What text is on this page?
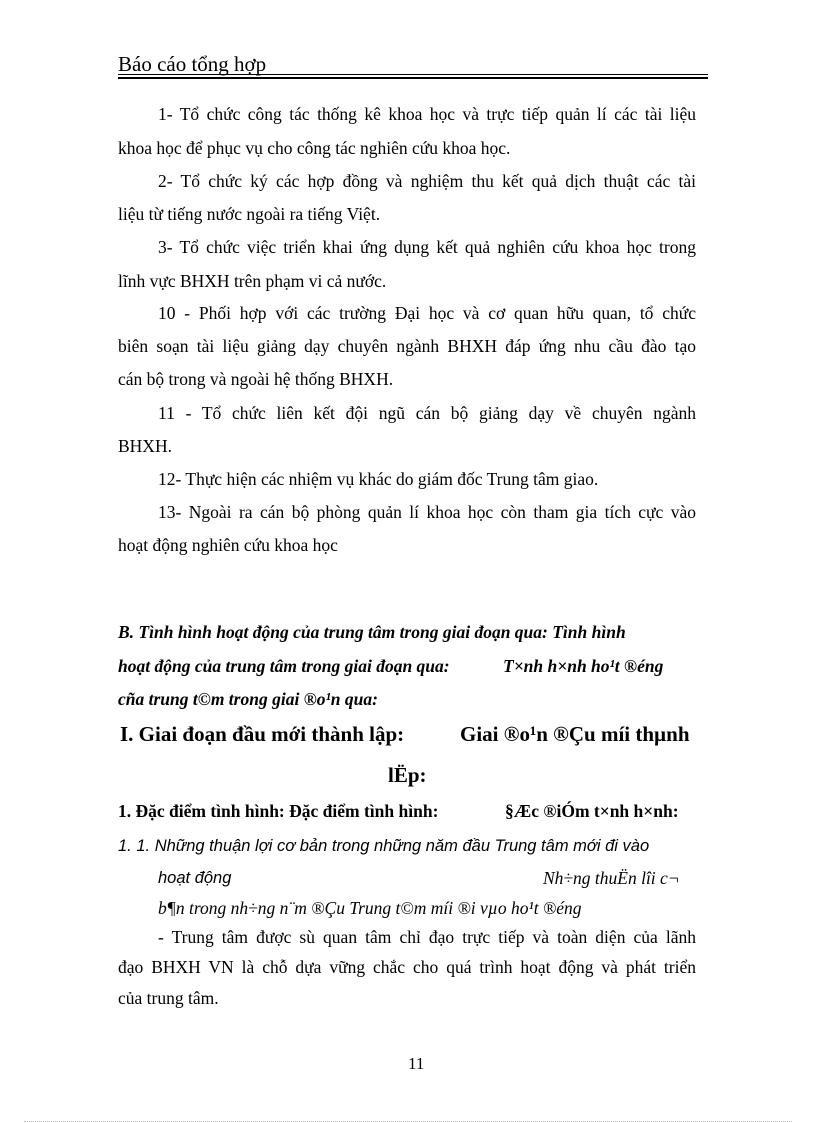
Báo cáo tổng hợp
1- Tổ chức công tác thống kê khoa học và trực tiếp quản lí các tài liệu
khoa học để phục vụ cho công tác nghiên cứu khoa học.
2- Tổ chức ký các hợp đồng và nghiệm thu kết quả dịch thuật các tài
liệu từ tiếng nước ngoài ra tiếng Việt.
3- Tổ chức việc triển khai ứng dụng kết quả nghiên cứu khoa học trong
lĩnh vực BHXH trên phạm vi cả nước.
10 - Phối hợp với các trường Đại học và cơ quan hữu quan, tổ chức
biên soạn tài liệu giảng dạy chuyên ngành BHXH đáp ứng nhu cầu đào tạo
cán bộ trong và ngoài hệ thống BHXH.
11 - Tổ chức liên kết đội ngũ cán bộ giảng dạy về chuyên ngành
BHXH.
12- Thực hiện các nhiệm vụ khác do giám đốc Trung tâm giao.
13- Ngoài ra cán bộ phòng quản lí khoa học còn tham gia tích cực vào
hoạt động nghiên cứu khoa học
B. Tình hình hoạt động của trung tâm trong giai đoạn qua: Tình hình
hoạt động của trung tâm trong giai đoạn qua:	T×nh h×nh ho¹t ®éng
cña trung t©m trong giai ®o¹n qua:
I. Giai đoạn đầu mới thành lập:	Giai ®o¹n ®Çu míi thµnh
lËp:
1. Đặc điểm tình hình: Đặc điểm tình hình:	§Æc ®iÓm t×nh h×nh:
1. 1. Những thuận lợi cơ bản trong những năm đầu Trung tâm mới đi vào
hoạt động	Nh÷ng thuËn lîi c¬
b¶n trong nh÷ng n¨m ®Çu Trung t©m míi ®i vµo ho¹t ®éng
- Trung tâm được sù quan tâm chỉ đạo trực tiếp và toàn diện của lãnh
đạo BHXH VN là chỗ dựa vững chắc cho quá trình hoạt động và phát triển
của trung tâm.
11
